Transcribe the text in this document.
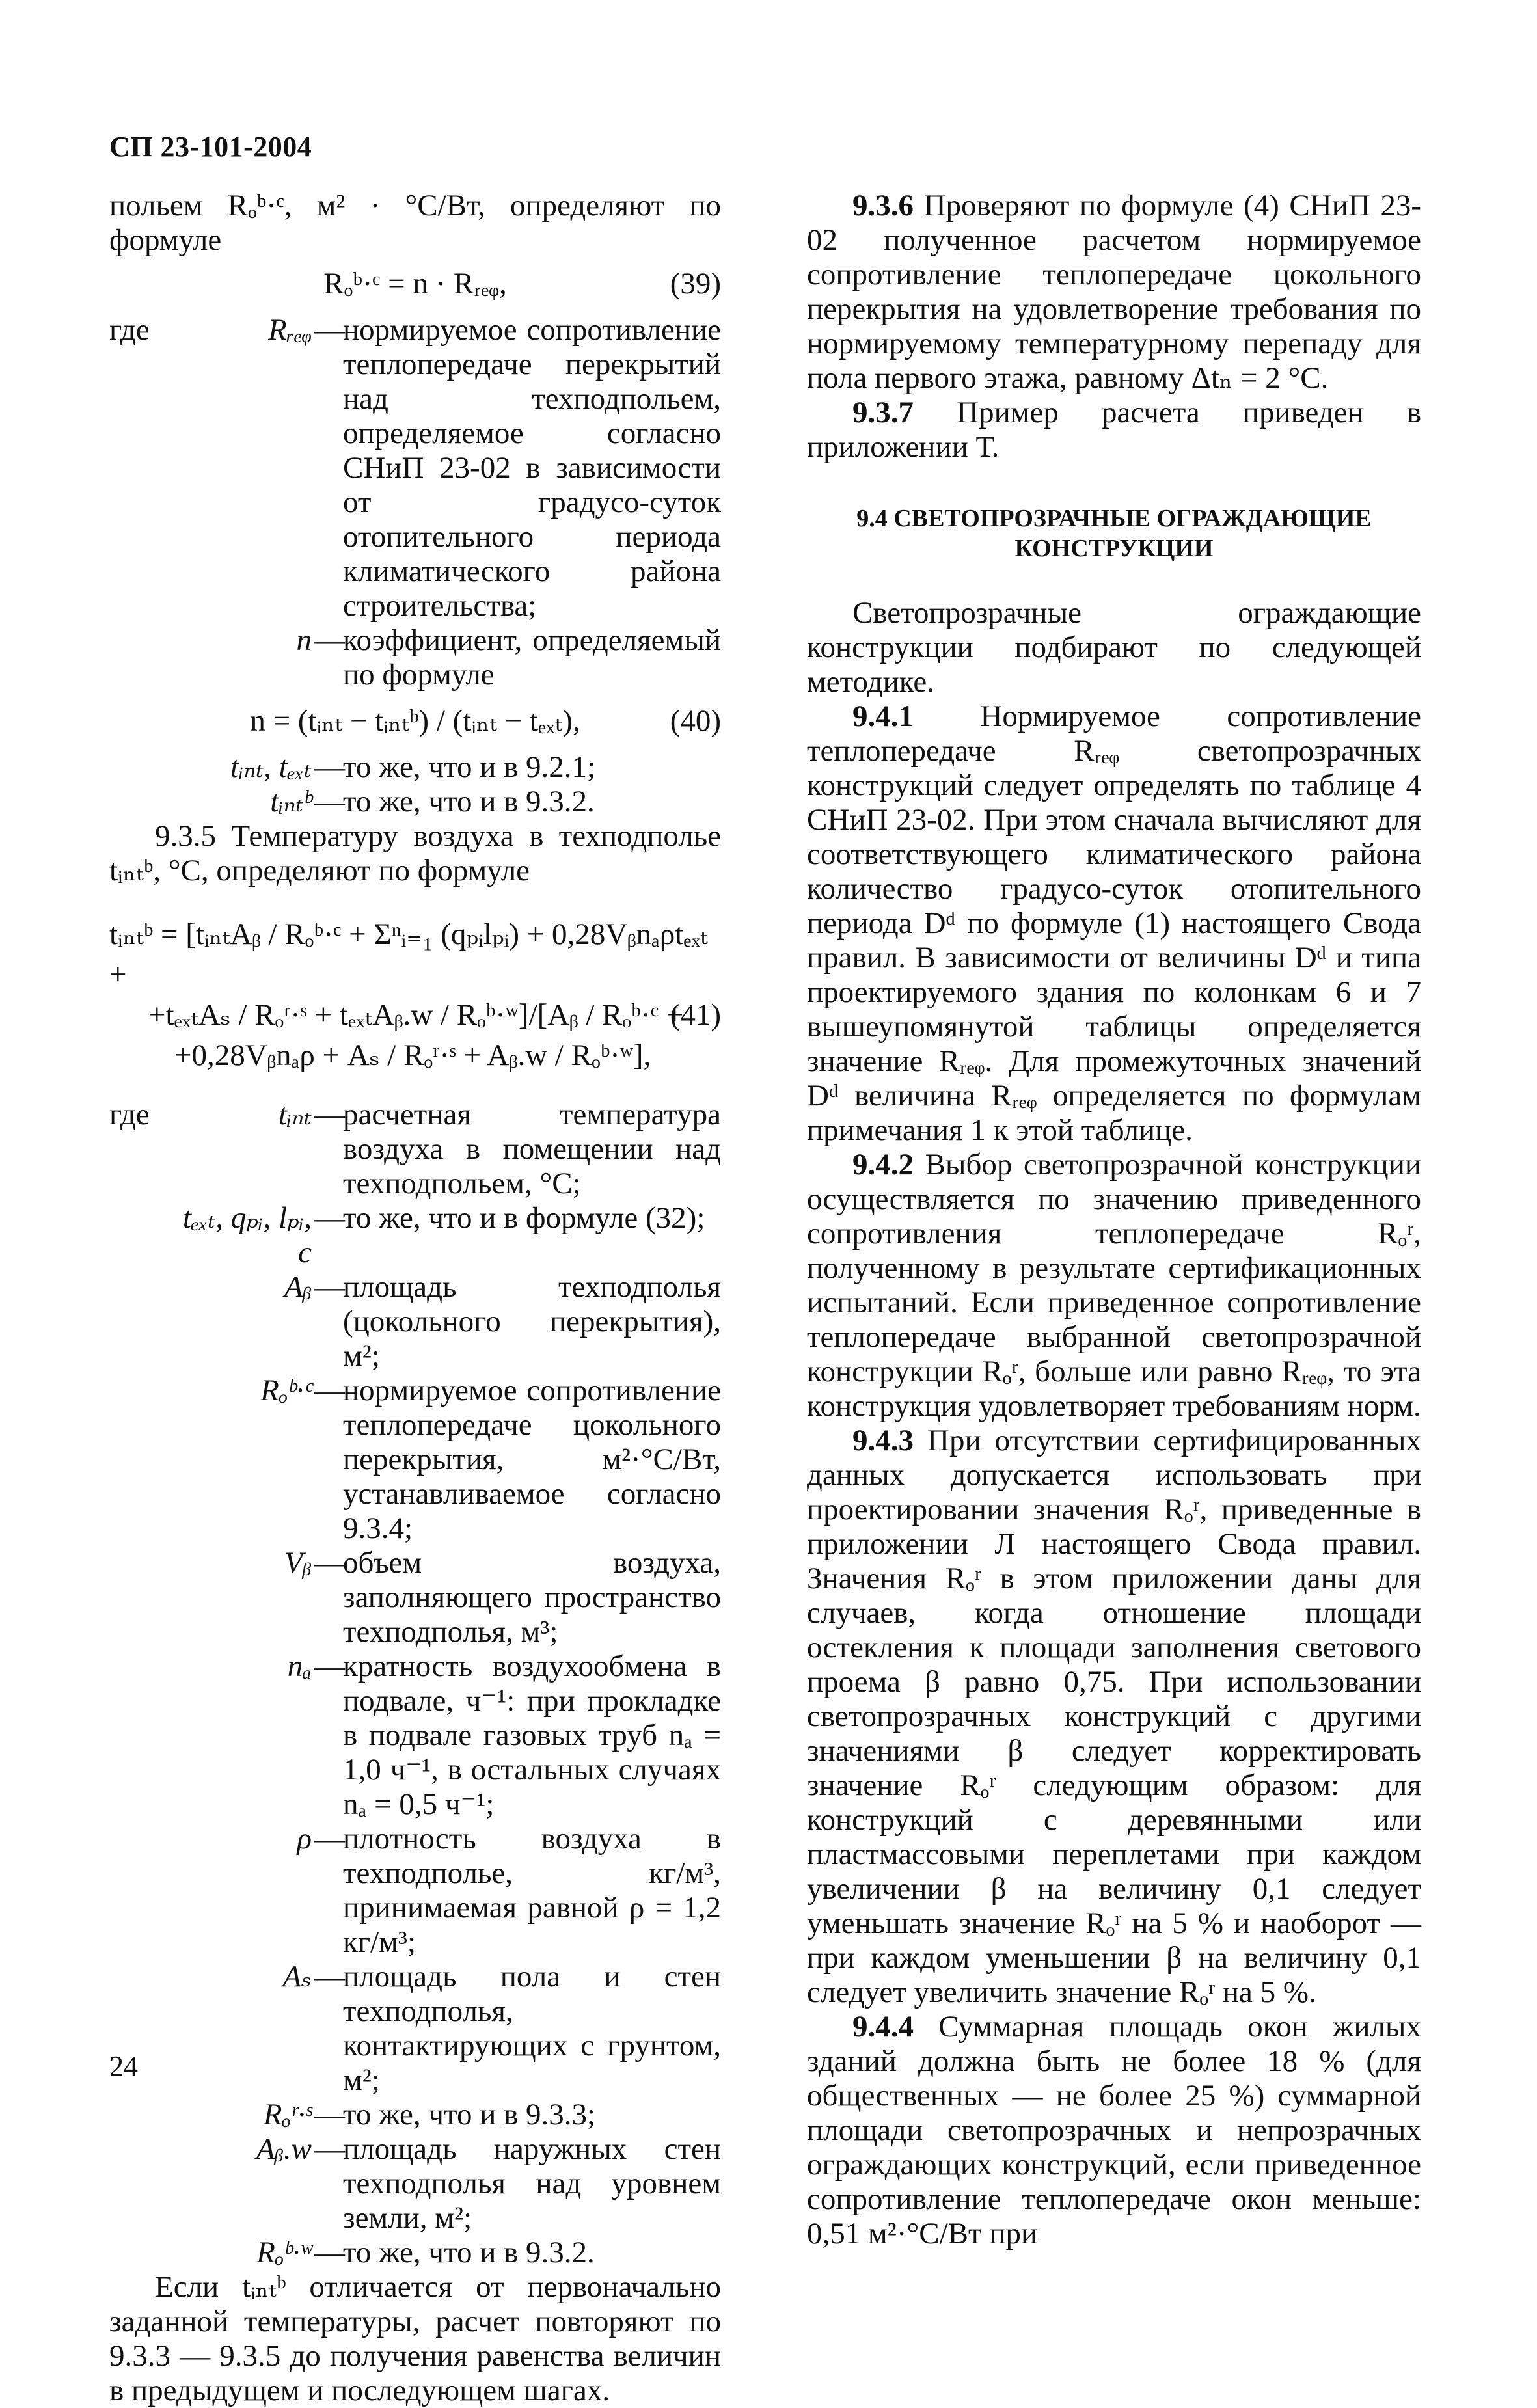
СП 23-101-2004

польем Rₒᵇ·ᶜ, м² · °С/Вт, определяют по формуле

Rₒᵇ·ᶜ = n · Rᵣₑᵩ,	(39)
где	Rᵣₑᵩ —
нормируемое сопротивление теплопередаче перекрытий над техподпольем, определяемое согласно СНиП 23-02 в зависимости от градусо-суток отопительного периода климатического района строительства;
n —
коэффициент, определяемый по формуле
n = (tᵢₙₜ − tᵢₙₜᵇ) / (tᵢₙₜ − tₑₓₜ),	(40)
tᵢₙₜ, tₑₓₜ —
то же, что и в 9.2.1;
tᵢₙₜᵇ —
то же, что и в 9.3.2.

9.3.5 Температуру воздуха в техподполье tᵢₙₜᵇ, °С, определяют по формуле

tᵢₙₜᵇ = [tᵢₙₜAᵦ / Rₒᵇ·ᶜ + Σⁿᵢ₌₁ (qₚᵢlₚᵢ) + 0,28Vᵦnₐρtₑₓₜ +
+tₑₓₜAₛ / Rₒʳ·ˢ + tₑₓₜAᵦ.w / Rₒᵇ·ʷ]/[Aᵦ / Rₒᵇ·ᶜ +
(41)
+0,28Vᵦnₐρ + Aₛ / Rₒʳ·ˢ + Aᵦ.w / Rₒᵇ·ʷ],
где	tᵢₙₜ —
расчетная температура воздуха в помещении над техподпольем, °С;
tₑₓₜ, qₚᵢ, lₚᵢ, c
—
то же, что и в формуле (32);
Aᵦ —
площадь техподполья (цокольного перекрытия), м²;
Rₒᵇ·ᶜ —
нормируемое сопротивление теплопередаче цокольного перекрытия, м²·°С/Вт, устанавливаемое согласно 9.3.4;
Vᵦ —
объем воздуха, заполняющего пространство техподполья, м³;
nₐ —
кратность воздухообмена в подвале, ч⁻¹: при прокладке в подвале газовых труб nₐ = 1,0 ч⁻¹, в остальных случаях nₐ = 0,5 ч⁻¹;
ρ —
плотность воздуха в техподполье, кг/м³, принимаемая равной ρ = 1,2 кг/м³;
Aₛ —
площадь пола и стен техподполья, контактирующих с грунтом, м²;
Rₒʳ·ˢ —
то же, что и в 9.3.3;
Aᵦ.w —
площадь наружных стен техподполья над уровнем земли, м²;
Rₒᵇ·ʷ —
то же, что и в 9.3.2.

Если tᵢₙₜᵇ отличается от первоначально заданной температуры, расчет повторяют по 9.3.3 — 9.3.5 до получения равенства величин в предыдущем и последующем шагах.

9.3.6 Проверяют по формуле (4) СНиП 23-02 полученное расчетом нормируемое сопротивление теплопередаче цокольного перекрытия на удовлетворение требования по нормируемому температурному перепаду для пола первого этажа, равному Δtₙ = 2 °С.

9.3.7 Пример расчета приведен в приложении Т.

9.4 СВЕТОПРОЗРАЧНЫЕ ОГРАЖДАЮЩИЕ КОНСТРУКЦИИ

Светопрозрачные ограждающие конструкции подбирают по следующей методике.

9.4.1 Нормируемое сопротивление теплопередаче Rᵣₑᵩ светопрозрачных конструкций следует определять по таблице 4 СНиП 23-02. При этом сначала вычисляют для соответствующего климатического района количество градусо-суток отопительного периода Dᵈ по формуле (1) настоящего Свода правил. В зависимости от величины Dᵈ и типа проектируемого здания по колонкам 6 и 7 вышеупомянутой таблицы определяется значение Rᵣₑᵩ. Для промежуточных значений Dᵈ величина Rᵣₑᵩ определяется по формулам примечания 1 к этой таблице.

9.4.2 Выбор светопрозрачной конструкции осуществляется по значению приведенного сопротивления теплопередаче Rₒʳ, полученному в результате сертификационных испытаний. Если приведенное сопротивление теплопередаче выбранной светопрозрачной конструкции Rₒʳ, больше или равно Rᵣₑᵩ, то эта конструкция удовлетворяет требованиям норм.

9.4.3 При отсутствии сертифицированных данных допускается использовать при проектировании значения Rₒʳ, приведенные в приложении Л настоящего Свода правил. Значения Rₒʳ в этом приложении даны для случаев, когда отношение площади остекления к площади заполнения светового проема β равно 0,75. При использовании светопрозрачных конструкций с другими значениями β следует корректировать значение Rₒʳ следующим образом: для конструкций с деревянными или пластмассовыми переплетами при каждом увеличении β на величину 0,1 следует уменьшать значение Rₒʳ на 5 % и наоборот — при каждом уменьшении β на величину 0,1 следует увеличить значение Rₒʳ на 5 %.

9.4.4 Суммарная площадь окон жилых зданий должна быть не более 18 % (для общественных — не более 25 %) суммарной площади светопрозрачных и непрозрачных ограждающих конструкций, если приведенное сопротивление теплопередаче окон меньше: 0,51 м²·°С/Вт при

24
